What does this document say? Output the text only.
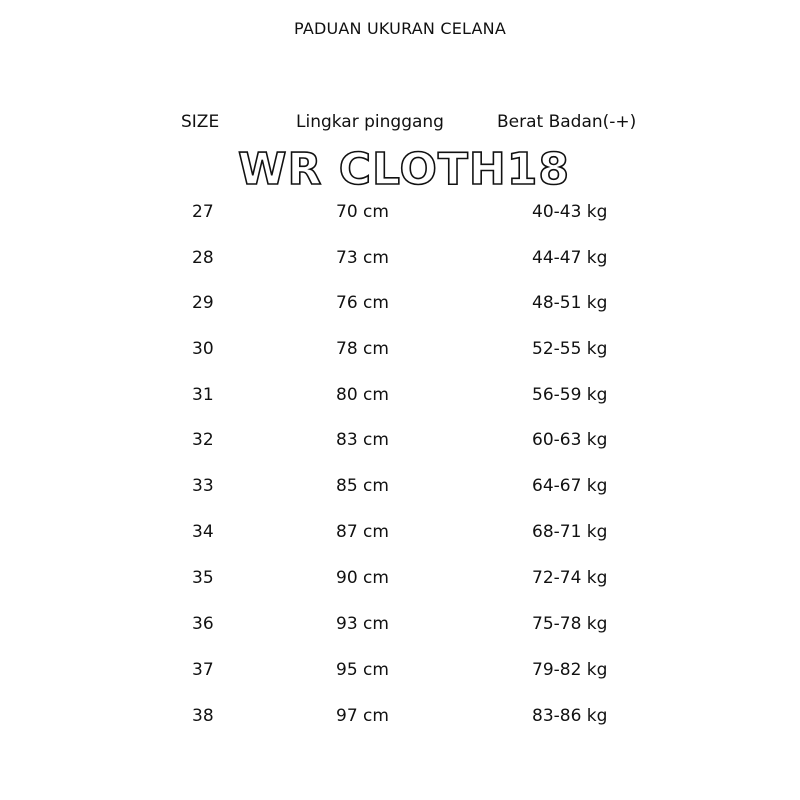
PADUAN UKURAN CELANA
SIZE	Lingkar pinggang	Berat Badan(-+)
WR CLOTH18
27	70 cm	40-43 kg
28	73 cm	44-47 kg
29	76 cm	48-51 kg
30	78 cm	52-55 kg
31	80 cm	56-59 kg
32	83 cm	60-63 kg
33	85 cm	64-67 kg
34	87 cm	68-71 kg
35	90 cm	72-74 kg
36	93 cm	75-78 kg
37	95 cm	79-82 kg
38	97 cm	83-86 kg
